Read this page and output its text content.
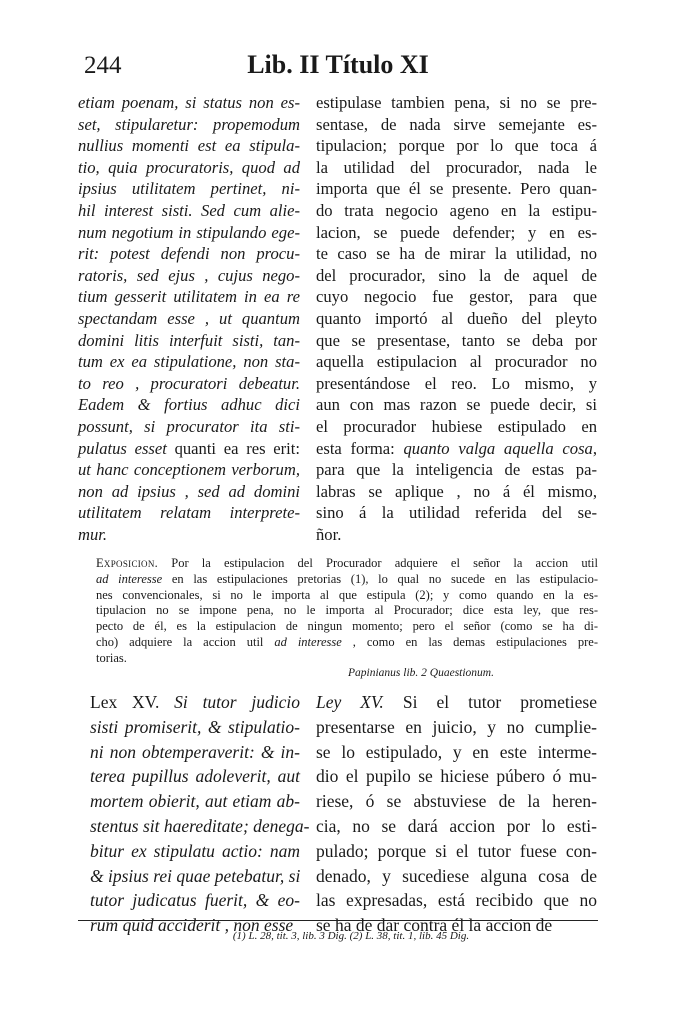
244	Lib. II Título XI
etiam poenam, si status non es-
set, stipularetur: propemodum
nullius momenti est ea stipula-
tio, quia procuratoris, quod ad
ipsius utilitatem pertinet, ni-
hil interest sisti. Sed cum alie-
num negotium in stipulando ege-
rit: potest defendi non procu-
ratoris, sed ejus , cujus nego-
tium gesserit utilitatem in ea re
spectandam esse , ut quantum
domini litis interfuit sisti, tan-
tum ex ea stipulatione, non sta-
to reo , procuratori debeatur.
Eadem & fortius adhuc dici
possunt, si procurator ita sti-
pulatus esset quanti ea res erit:
ut hanc conceptionem verborum,
non ad ipsius , sed ad domini
utilitatem relatam interprete-
mur.
estipulase tambien pena, si no se pre-
sentase, de nada sirve semejante es-
tipulacion; porque por lo que toca á
la utilidad del procurador, nada le
importa que él se presente. Pero quan-
do trata negocio ageno en la estipu-
lacion, se puede defender; y en es-
te caso se ha de mirar la utilidad, no
del procurador, sino la de aquel de
cuyo negocio fue gestor, para que
quanto importó al dueño del pleyto
que se presentase, tanto se deba por
aquella estipulacion al procurador no
presentándose el reo. Lo mismo, y
aun con mas razon se puede decir, si
el procurador hubiese estipulado en
esta forma: quanto valga aquella cosa,
para que la inteligencia de estas pa-
labras se aplique , no á él mismo,
sino á la utilidad referida del se-
ñor.
Exposicion. Por la estipulacion del Procurador adquiere el señor la accion util
ad interesse en las estipulaciones pretorias (1), lo qual no sucede en las estipulacio-
nes convencionales, si no le importa al que estipula (2); y como quando en la es-
tipulacion no se impone pena, no le importa al Procurador; dice esta ley, que res-
pecto de él, es la estipulacion de ningun momento; pero el señor (como se ha di-
cho) adquiere la accion util ad interesse , como en las demas estipulaciones pre-
torias.
Papinianus lib. 2 Quaestionum.
Lex XV. Si tutor judicio
sisti promiserit, & stipulatio-
ni non obtemperaverit: & in-
terea pupillus adoleverit, aut
mortem obierit, aut etiam ab-
stentus sit haereditate; denega-
bitur ex stipulatu actio: nam
& ipsius rei quae petebatur, si
tutor judicatus fuerit, & eo-
rum quid acciderit , non esse
Ley XV. Si el tutor prometiese
presentarse en juicio, y no cumplie-
se lo estipulado, y en este interme-
dio el pupilo se hiciese púbero ó mu-
riese, ó se abstuviese de la heren-
cia, no se dará accion por lo esti-
pulado; porque si el tutor fuese con-
denado, y sucediese alguna cosa de
las expresadas, está recibido que no
se ha de dar contra él la accion de
(1) L. 28, tit. 3, lib. 3 Dig. (2) L. 38, tit. 1, lib. 45 Dig.
